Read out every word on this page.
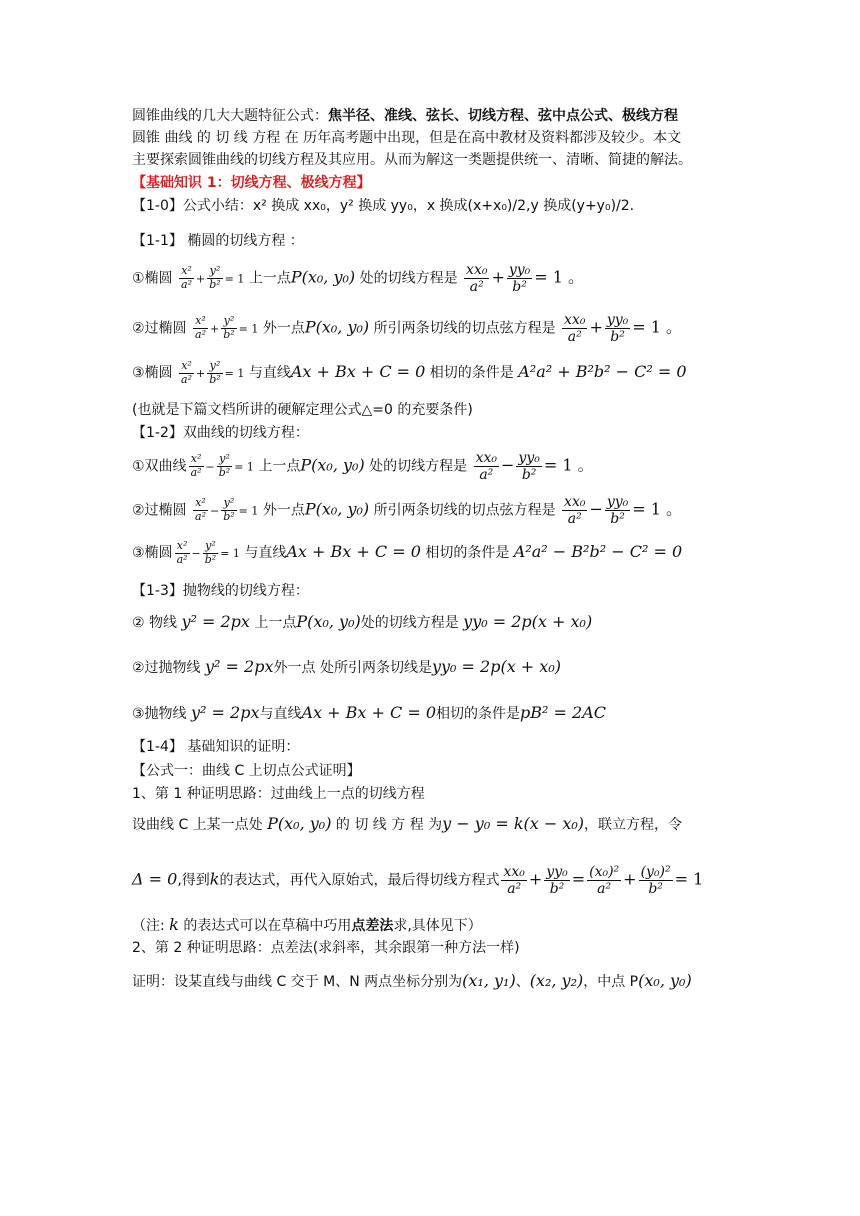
圆锥曲线的几大大题特征公式：焦半径、准线、弦长、切线方程、弦中点公式、极线方程
圆锥 曲线 的 切 线 方程 在 历年高考题中出现，但是在高中教材及资料都涉及较少。本文
主要探索圆锥曲线的切线方程及其应用。从而为解这一类题提供统一、清晰、简捷的解法。
【基础知识 1：切线方程、极线方程】
【1-0】公式小结：x² 换成 xx₀，y² 换成 yy₀，x 换成(x+x₀)/2,y 换成(y+y₀)/2.
【1-1】 椭圆的切线方程 ：
①椭圆 $\frac{\text{x²}}{\text{a²}} + \frac{\text{y²}}{\text{b²}} = 1$ 上一点P(x₀, y₀) 处的切线方程是 $\frac{\text{xx₀}}{\text{a²}} + \frac{\text{yy₀}}{\text{b²}} = 1$ 。
②过椭圆 $\frac{\text{x²}}{\text{a²}} + \frac{\text{y²}}{\text{b²}} = 1$ 外一点P(x₀, y₀) 所引两条切线的切点弦方程是 $\frac{\text{xx₀}}{\text{a²}} + \frac{\text{yy₀}}{\text{b²}} = 1$ 。
③椭圆 $\frac{\text{x²}}{\text{a²}} + \frac{\text{y²}}{\text{b²}} = 1$ 与直线Ax + Bx + C = 0 相切的条件是 A²a² + B²b² − C² = 0
(也就是下篇文档所讲的硬解定理公式△=0 的充要条件)
【1-2】双曲线的切线方程：
①双曲线 $\frac{\text{x²}}{\text{a²}} - \frac{\text{y²}}{\text{b²}} = 1$ 上一点P(x₀, y₀) 处的切线方程是 $\frac{\text{xx₀}}{\text{a²}} - \frac{\text{yy₀}}{\text{b²}} = 1$ 。
②过椭圆 $\frac{\text{x²}}{\text{a²}} - \frac{\text{y²}}{\text{b²}} = 1$ 外一点P(x₀, y₀) 所引两条切线的切点弦方程是 $\frac{\text{xx₀}}{\text{a²}} - \frac{\text{yy₀}}{\text{b²}} = 1$ 。
③椭圆 $\frac{\text{x²}}{\text{a²}} - \frac{\text{y²}}{\text{b²}} = 1$ 与直线Ax + Bx + C = 0 相切的条件是 A²a² − B²b² − C² = 0
【1-3】抛物线的切线方程：
② 物线 y² = 2px 上一点P(x₀, y₀)处的切线方程是 yy₀ = 2p(x + x₀)
②过抛物线 y² = 2px外一点 处所引两条切线是yy₀ = 2p(x + x₀)
③抛物线 y² = 2px与直线Ax + Bx + C = 0相切的条件是pB² = 2AC
【1-4】 基础知识的证明：
【公式一：曲线 C 上切点公式证明】
1、第 1 种证明思路：过曲线上一点的切线方程
设曲线 C 上某一点处 P(x₀, y₀) 的 切 线 方 程 为y − y₀ = k(x − x₀)，联立方程，令
Δ = 0,得到k的表达式，再代入原始式，最后得切线方程式 $\frac{\text{xx₀}}{\text{a²}} + \frac{\text{yy₀}}{\text{b²}} = \frac{\text{(x₀)²}}{\text{a²}} + \frac{\text{(y₀)²}}{\text{b²}} = 1$
（注: k 的表达式可以在草稿中巧用点差法求,具体见下）
2、第 2 种证明思路：点差法(求斜率，其余跟第一种方法一样)
证明：设某直线与曲线 C 交于 M、N 两点坐标分别为(x₁, y₁)、(x₂, y₂)，中点 P(x₀, y₀)
